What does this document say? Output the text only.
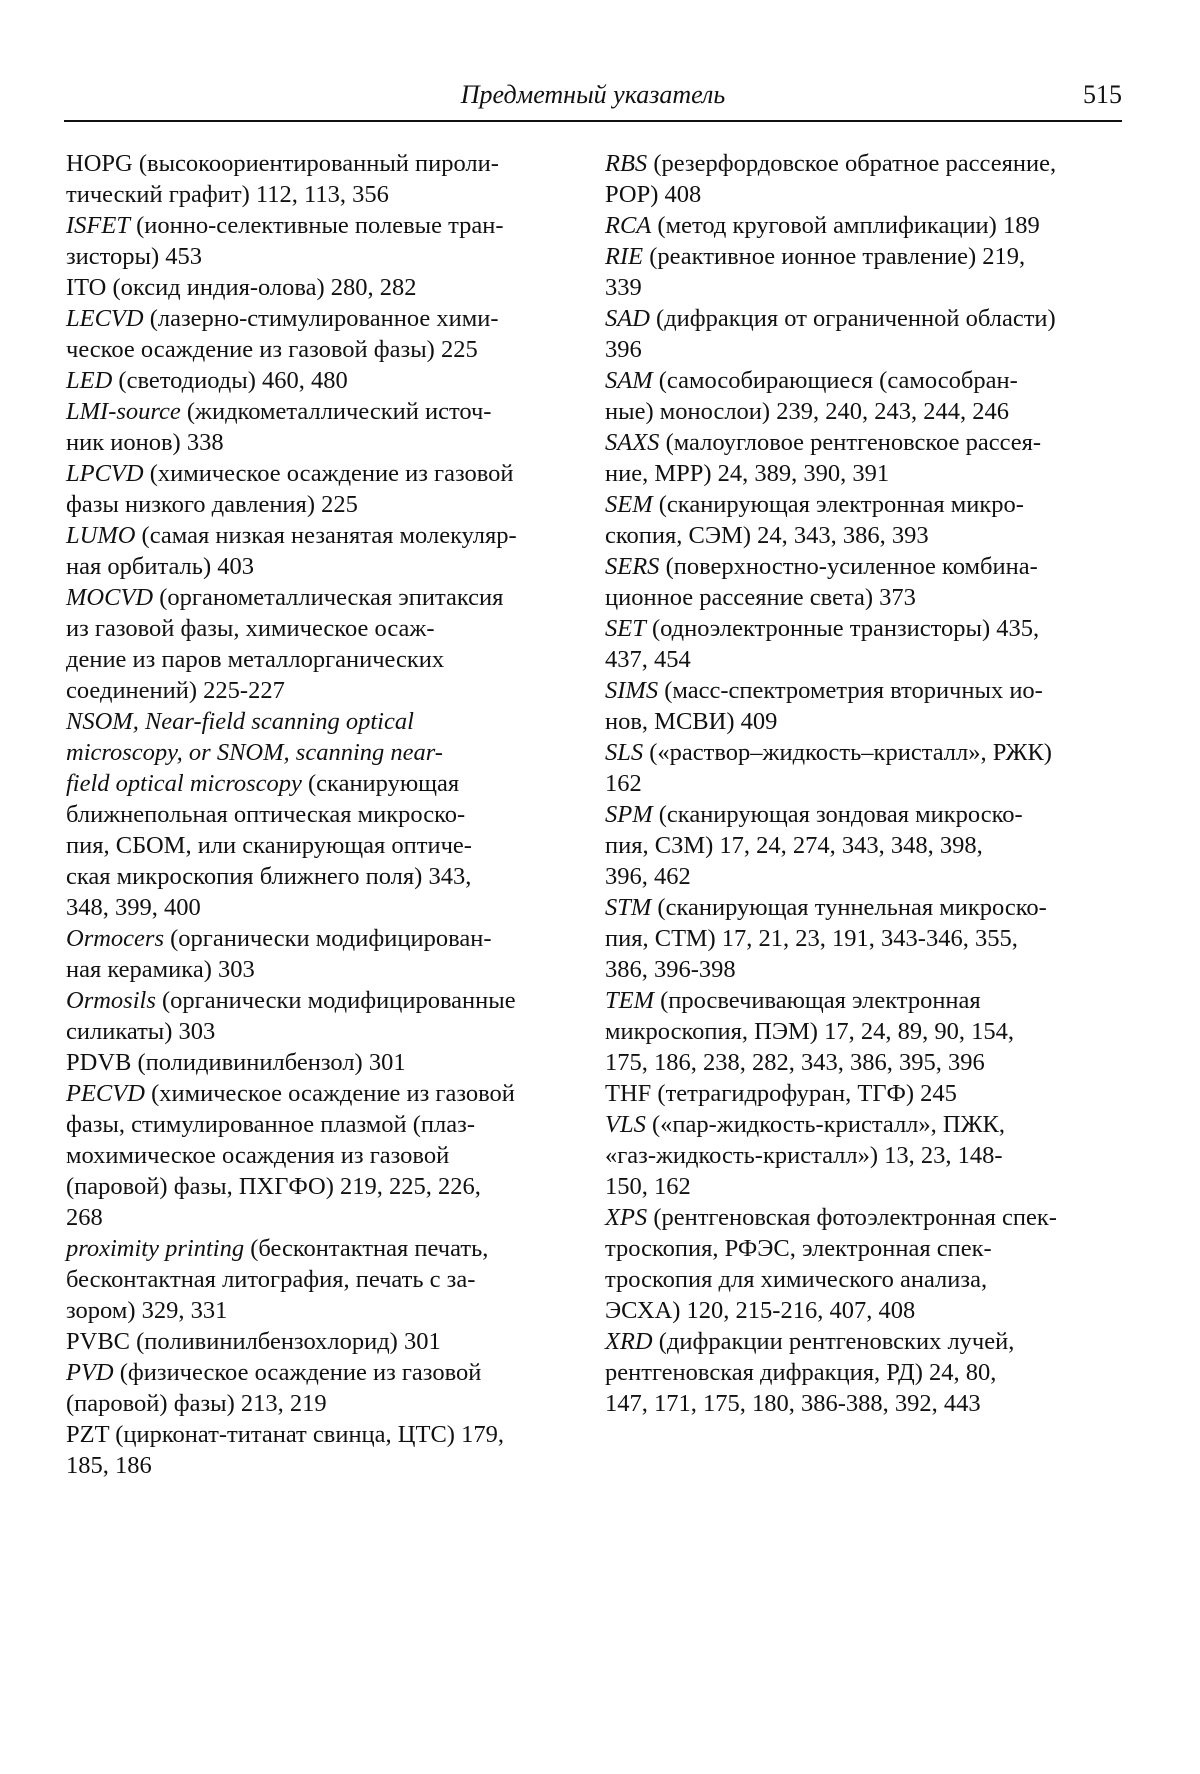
Предметный указатель	515

HOPG (высокоориентированный пироли-
тический графит) 112, 113, 356

ISFET (ионно-селективные полевые тран-
зисторы) 453

ITO (оксид индия-олова) 280, 282

LECVD (лазерно-стимулированное хими-
ческое осаждение из газовой фазы) 225

LED (светодиоды) 460, 480

LMI-source (жидкометаллический источ-
ник ионов) 338

LPCVD (химическое осаждение из газовой
фазы низкого давления) 225

LUMO (самая низкая незанятая молекуляр-
ная орбиталь) 403

MOCVD (органометаллическая эпитаксия
из газовой фазы, химическое осаж-
дение из паров металлорганических
соединений) 225-227

NSOM, Near-field scanning optical
microscopy, or SNOM, scanning near-
field optical microscopy (сканирующая
ближнепольная оптическая микроско-
пия, СБОМ, или сканирующая оптиче-
ская микроскопия ближнего поля) 343,
348, 399, 400

Ormocers (органически модифицирован-
ная керамика) 303

Ormosils (органически модифицированные
силикаты) 303

PDVB (полидивинилбензол) 301

PECVD (химическое осаждение из газовой
фазы, стимулированное плазмой (плаз-
мохимическое осаждения из газовой
(паровой) фазы, ПХГФО) 219, 225, 226,
268

proximity printing (бесконтактная печать,
бесконтактная литография, печать с за-
зором) 329, 331

PVBC (поливинилбензохлорид) 301

PVD (физическое осаждение из газовой
(паровой) фазы) 213, 219

PZT (цирконат-титанат свинца, ЦТС) 179,
185, 186

RBS (резерфордовское обратное рассеяние,
РОР) 408

RCA (метод круговой амплификации) 189

RIE (реактивное ионное травление) 219,
339

SAD (дифракция от ограниченной области)
396

SAM (самособирающиеся (самособран-
ные) монослои) 239, 240, 243, 244, 246

SAXS (малоугловое рентгеновское рассея-
ние, МРР) 24, 389, 390, 391

SEM (сканирующая электронная микро-
скопия, СЭМ) 24, 343, 386, 393

SERS (поверхностно-усиленное комбина-
ционное рассеяние света) 373

SET (одноэлектронные транзисторы) 435,
437, 454

SIMS (масс-спектрометрия вторичных ио-
нов, МСВИ) 409

SLS («раствор–жидкость–кристалл», РЖК)
162

SPM (сканирующая зондовая микроско-
пия, СЗМ) 17, 24, 274, 343, 348, 398,
396, 462

STM (сканирующая туннельная микроско-
пия, СТМ) 17, 21, 23, 191, 343-346, 355,
386, 396-398

TEM (просвечивающая электронная
микроскопия, ПЭМ) 17, 24, 89, 90, 154,
175, 186, 238, 282, 343, 386, 395, 396

THF (тетрагидрофуран, ТГФ) 245

VLS («пар-жидкость-кристалл», ПЖК,
«газ-жидкость-кристалл») 13, 23, 148-
150, 162

XPS (рентгеновская фотоэлектронная спек-
троскопия, РФЭС, электронная спек-
троскопия для химического анализа,
ЭСХА) 120, 215-216, 407, 408

XRD (дифракции рентгеновских лучей,
рентгеновская дифракция, РД) 24, 80,
147, 171, 175, 180, 386-388, 392, 443
